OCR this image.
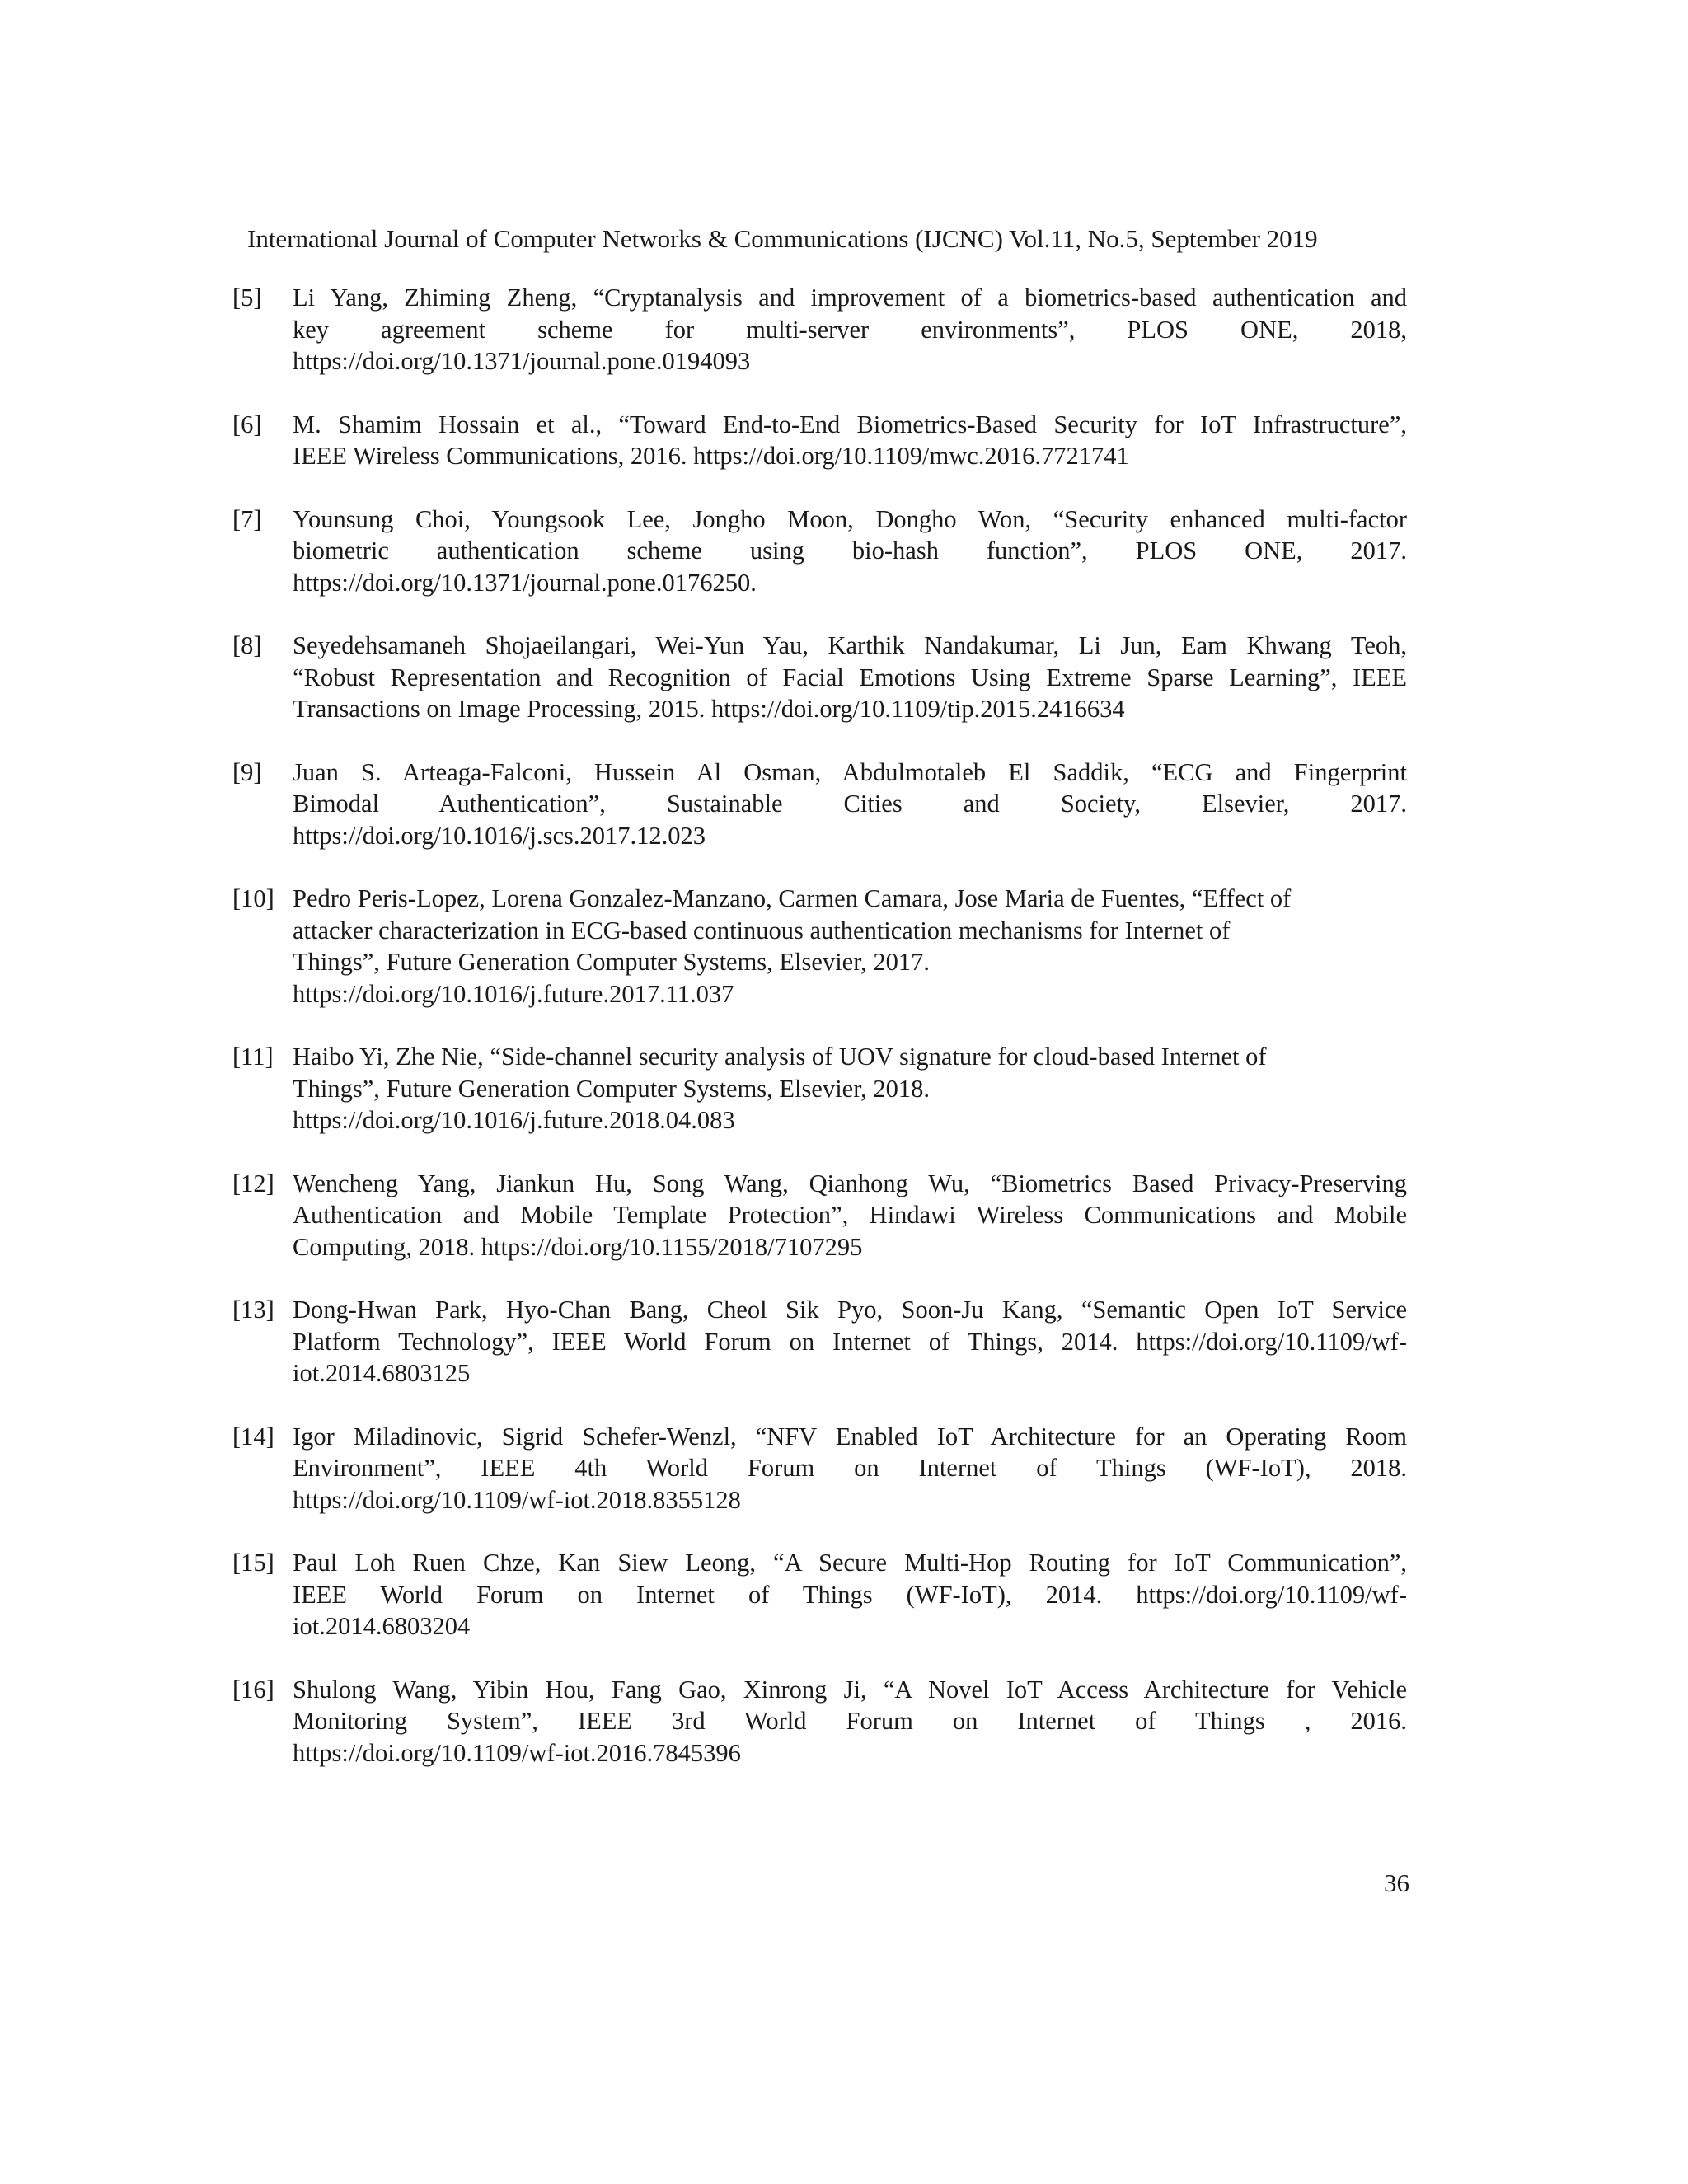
International Journal of Computer Networks & Communications (IJCNC) Vol.11, No.5, September 2019
[5]	Li Yang, Zhiming Zheng, “Cryptanalysis and improvement of a biometrics-based authentication and
key agreement scheme for multi-server environments”, PLOS ONE, 2018,
https://doi.org/10.1371/journal.pone.0194093
[6]	M. Shamim Hossain et al., “Toward End-to-End Biometrics-Based Security for IoT Infrastructure”,
IEEE Wireless Communications, 2016. https://doi.org/10.1109/mwc.2016.7721741
[7]	Younsung Choi, Youngsook Lee, Jongho Moon, Dongho Won, “Security enhanced multi-factor
biometric authentication scheme using bio-hash function”, PLOS ONE, 2017.
https://doi.org/10.1371/journal.pone.0176250.
[8]	Seyedehsamaneh Shojaeilangari, Wei-Yun Yau, Karthik Nandakumar, Li Jun, Eam Khwang Teoh,
“Robust Representation and Recognition of Facial Emotions Using Extreme Sparse Learning”, IEEE
Transactions on Image Processing, 2015. https://doi.org/10.1109/tip.2015.2416634
[9]	Juan S. Arteaga-Falconi, Hussein Al Osman, Abdulmotaleb El Saddik, “ECG and Fingerprint
Bimodal Authentication”, Sustainable Cities and Society, Elsevier, 2017.
https://doi.org/10.1016/j.scs.2017.12.023
[10] Pedro Peris-Lopez, Lorena Gonzalez-Manzano, Carmen Camara, Jose Maria de Fuentes, “Effect of
attacker characterization in ECG-based continuous authentication mechanisms for Internet of
Things”, Future Generation Computer Systems, Elsevier, 2017.
https://doi.org/10.1016/j.future.2017.11.037
[11] Haibo Yi, Zhe Nie, “Side-channel security analysis of UOV signature for cloud-based Internet of
Things”, Future Generation Computer Systems, Elsevier, 2018.
https://doi.org/10.1016/j.future.2018.04.083
[12] Wencheng Yang, Jiankun Hu, Song Wang, Qianhong Wu, “Biometrics Based Privacy-Preserving
Authentication and Mobile Template Protection”, Hindawi Wireless Communications and Mobile
Computing, 2018. https://doi.org/10.1155/2018/7107295
[13] Dong-Hwan Park, Hyo-Chan Bang, Cheol Sik Pyo, Soon-Ju Kang, “Semantic Open IoT Service
Platform Technology”, IEEE World Forum on Internet of Things, 2014. https://doi.org/10.1109/wf-
iot.2014.6803125
[14] Igor Miladinovic, Sigrid Schefer-Wenzl, “NFV Enabled IoT Architecture for an Operating Room
Environment”, IEEE 4th World Forum on Internet of Things (WF-IoT), 2018.
https://doi.org/10.1109/wf-iot.2018.8355128
[15] Paul Loh Ruen Chze, Kan Siew Leong, “A Secure Multi-Hop Routing for IoT Communication”,
IEEE World Forum on Internet of Things (WF-IoT), 2014. https://doi.org/10.1109/wf-
iot.2014.6803204
[16] Shulong Wang, Yibin Hou, Fang Gao, Xinrong Ji, “A Novel IoT Access Architecture for Vehicle
Monitoring System”, IEEE 3rd World Forum on Internet of Things , 2016.
https://doi.org/10.1109/wf-iot.2016.7845396
36
